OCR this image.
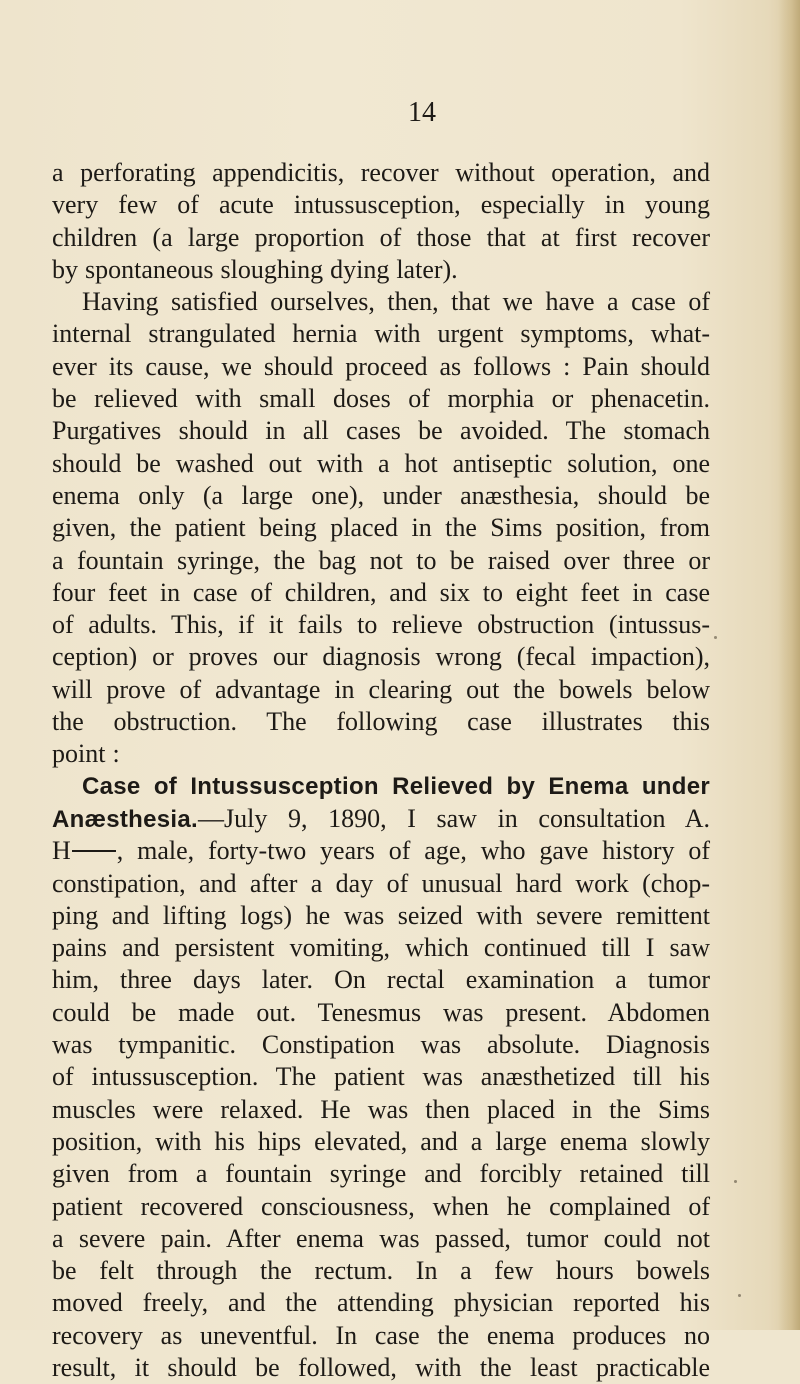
14
a perforating appendicitis, recover without operation, and
very few of acute intussusception, especially in young
children (a large proportion of those that at first recover
by spontaneous sloughing dying later).
Having satisfied ourselves, then, that we have a case of
internal strangulated hernia with urgent symptoms, what-
ever its cause, we should proceed as follows : Pain should
be relieved with small doses of morphia or phenacetin.
Purgatives should in all cases be avoided. The stomach
should be washed out with a hot antiseptic solution, one
enema only (a large one), under anæsthesia, should be
given, the patient being placed in the Sims position, from
a fountain syringe, the bag not to be raised over three or
four feet in case of children, and six to eight feet in case
of adults. This, if it fails to relieve obstruction (intussus-
ception) or proves our diagnosis wrong (fecal impaction),
will prove of advantage in clearing out the bowels below
the obstruction. The following case illustrates this
point :
Case of Intussusception Relieved by Enema under
Anæsthesia.—July 9, 1890, I saw in consultation A.
H , male, forty-two years of age, who gave history of
constipation, and after a day of unusual hard work (chop-
ping and lifting logs) he was seized with severe remittent
pains and persistent vomiting, which continued till I saw
him, three days later. On rectal examination a tumor
could be made out. Tenesmus was present. Abdomen
was tympanitic. Constipation was absolute. Diagnosis
of intussusception. The patient was anæsthetized till his
muscles were relaxed. He was then placed in the Sims
position, with his hips elevated, and a large enema slowly
given from a fountain syringe and forcibly retained till
patient recovered consciousness, when he complained of
a severe pain. After enema was passed, tumor could not
be felt through the rectum. In a few hours bowels
moved freely, and the attending physician reported his
recovery as uneventful. In case the enema produces no
result, it should be followed, with the least practicable
